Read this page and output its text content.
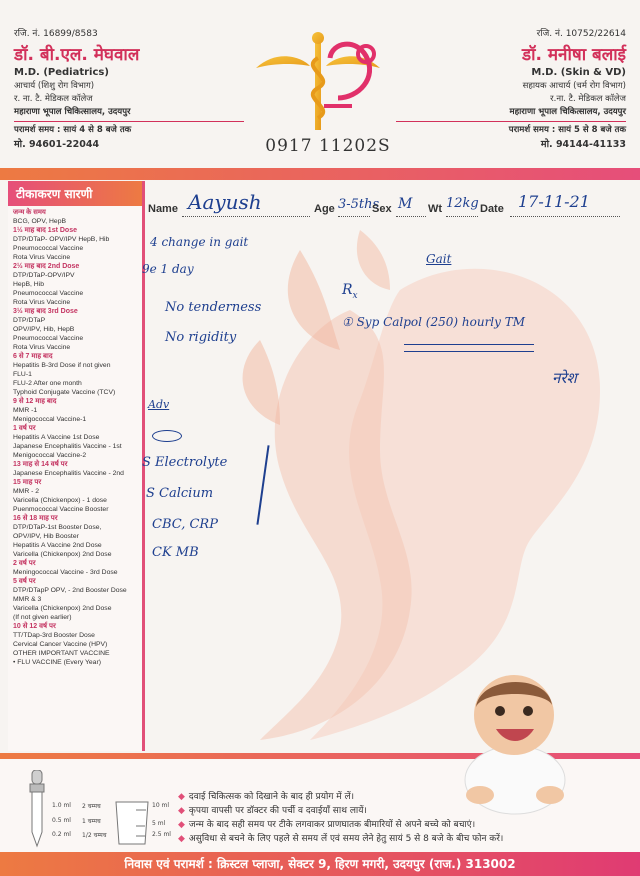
रजि. नं. 16899/8583
डॉ. बी.एल. मेघवाल
M.D. (Pediatrics)
आचार्य (शिशु रोग विभाग)
र. ना. टै. मेडिकल कॉलेज
महाराणा भूपाल चिकित्सालय, उदयपुर
परामर्श समय : सायं 4 से 8 बजे तक
मो. 94601-22044	0917 11202S
रजि. नं. 10752/22614
डॉ. मनीषा बलाई
M.D. (Skin & VD)
सहायक आचार्य (चर्म रोग विभाग)
र.ना. टै. मेडिकल कॉलेज
महाराणा भूपाल चिकित्सालय, उदयपुर
परामर्श समय : सायं 5 से 8 बजे तक
मो. 94144-41133
टीकाकरण सारणी
जन्म के समय
BCG, OPV, HepB
1½ माह बाद 1st Dose
DTP/DTaP- OPV/IPV HepB, Hib
Pneumococcal Vaccine
Rota Virus Vaccine
2½ माह बाद 2nd Dose
DTP/DTaP-OPV/IPV
HepB, Hib
Pneumococcal Vaccine
Rota Virus Vaccine
3½ माह बाद 3rd Dose
DTP/DTaP
OPV/IPV, Hib, HepB
Pneumococcal Vaccine
Rota Virus Vaccine
6 से 7 माह बाद
Hepatitis B-3rd Dose if not given
FLU-1
FLU-2 After one month
Typhoid Conjugate Vaccine (TCV)
9 से 12 माह बाद
MMR -1
Menigococcal Vaccine-1
1 वर्ष पर
Hepatitis A Vaccine 1st Dose
Japanese Encephalitis Vaccine - 1st
Menigococcal Vaccine-2
13 माह से 14 वर्ष पर
Japanese Encephalitis Vaccine - 2nd
15 माह पर
MMR - 2
Varicella (Chickenpox) - 1 dose
Puenmococcal Vaccine Booster
16 से 18 माह पर
DTP/DTaP-1st Booster Dose,
OPV/IPV, Hib Booster
Hepatitis A Vaccine 2nd Dose
Varicella (Chickenpox) 2nd Dose
2 वर्ष पर
Meningococcal Vaccine - 3rd Dose
5 वर्ष पर
DTP/DTapP OPV, - 2nd Booster Dose
MMR & 3
Varicella (Chickenpox) 2nd Dose
(If not given earlier)
10 से 12 वर्ष पर
TT/TDap-3rd Booster Dose
Cervical Cancer Vaccine (HPV)
OTHER IMPORTANT VACCINE
• FLU VACCINE (Every Year)
Name Aayush	Age 3-5ths
Sex M Wt 12kg Date 17-11-21
4 change in gait
9e 1 day
No tenderness
No rigidity
$R_x$
Gait
① Syp Calpol (250) hourly TM
नरेश
Adv
S Electrolyte
S Calcium
CBC, CRP
CK MB
1.0 ml
0.5 ml
0.2 ml
2 चम्मच
1 चम्मच
1/2 चम्मच
10 ml
5 ml
2.5 ml
◆ दवाई चिकित्सक को दिखाने के बाद ही प्रयोग में लें।
◆ कृपया वापसी पर डॉक्टर की पर्ची व दवाईयाँ साथ लायें।
◆ जन्म के बाद सही समय पर टीके लगवाकर प्राणघातक बीमारियों से अपने बच्चे को बचाएं।
◆ असुविधा से बचने के लिए पहले से समय लें एवं समय लेने हेतु सायं 5 से 8 बजे के बीच फोन करें।
निवास एवं परामर्श : क्रिस्टल प्लाजा, सेक्टर 9, हिरण मगरी, उदयपुर (राज.) 313002
